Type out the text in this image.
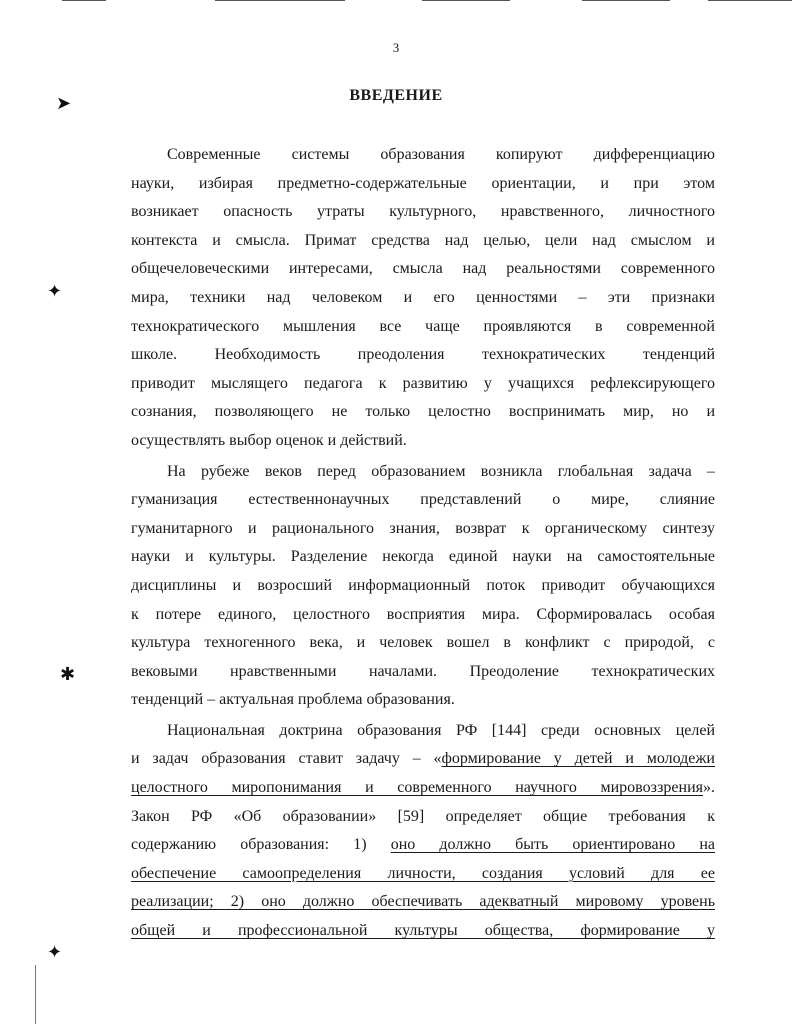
3
ВВЕДЕНИЕ
Современные системы образования копируют дифференциацию
науки, избирая предметно-содержательные ориентации, и при этом
возникает опасность утраты культурного, нравственного, личностного
контекста и смысла. Примат средства над целью, цели над смыслом и
общечеловеческими интересами, смысла над реальностями современного
мира, техники над человеком и его ценностями – эти признаки
технократического мышления все чаще проявляются в современной
школе. Необходимость преодоления технократических тенденций
приводит мыслящего педагога к развитию у учащихся рефлексирующего
сознания, позволяющего не только целостно воспринимать мир, но и
осуществлять выбор оценок и действий.
На рубеже веков перед образованием возникла глобальная задача –
гуманизация естественнонаучных представлений о мире, слияние
гуманитарного и рационального знания, возврат к органическому синтезу
науки и культуры. Разделение некогда единой науки на самостоятельные
дисциплины и возросший информационный поток приводит обучающихся
к потере единого, целостного восприятия мира. Сформировалась особая
культура техногенного века, и человек вошел в конфликт с природой, с
вековыми нравственными началами. Преодоление технократических
тенденций – актуальная проблема образования.
Национальная доктрина образования РФ [144] среди основных целей
и задач образования ставит задачу – «формирование у детей и молодежи
целостного миропонимания и современного научного мировоззрения».
Закон РФ «Об образовании» [59] определяет общие требования к
содержанию образования: 1) оно должно быть ориентировано на
обеспечение самоопределения личности, создания условий для ее
реализации; 2) оно должно обеспечивать адекватный мировому уровень
общей и профессиональной культуры общества, формирование у
➤
✦
✱
✦
